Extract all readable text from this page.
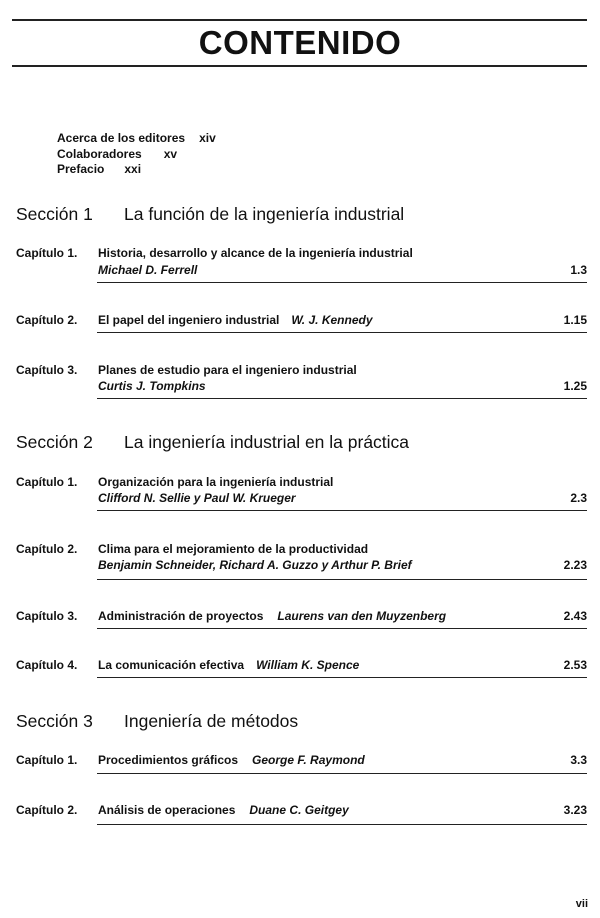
CONTENIDO
Acerca de los editores xiv
Colaboradores xv
Prefacio xxi
Sección 1 La función de la ingeniería industrial
Capítulo 1. Historia, desarrollo y alcance de la ingeniería industrial
Michael D. Ferrell	1.3
Capítulo 2. El papel del ingeniero industrial W. J. Kennedy	1.15
Capítulo 3. Planes de estudio para el ingeniero industrial
Curtis J. Tompkins	1.25
Sección 2 La ingeniería industrial en la práctica
Capítulo 1. Organización para la ingeniería industrial
Clifford N. Sellie y Paul W. Krueger	2.3
Capítulo 2. Clima para el mejoramiento de la productividad
Benjamin Schneider, Richard A. Guzzo y Arthur P. Brief	2.23
Capítulo 3. Administración de proyectos Laurens van den Muyzenberg	2.43
Capítulo 4. La comunicación efectiva William K. Spence	2.53
Sección 3 Ingeniería de métodos
Capítulo 1. Procedimientos gráficos George F. Raymond	3.3
Capítulo 2. Análisis de operaciones Duane C. Geitgey	3.23
vii
